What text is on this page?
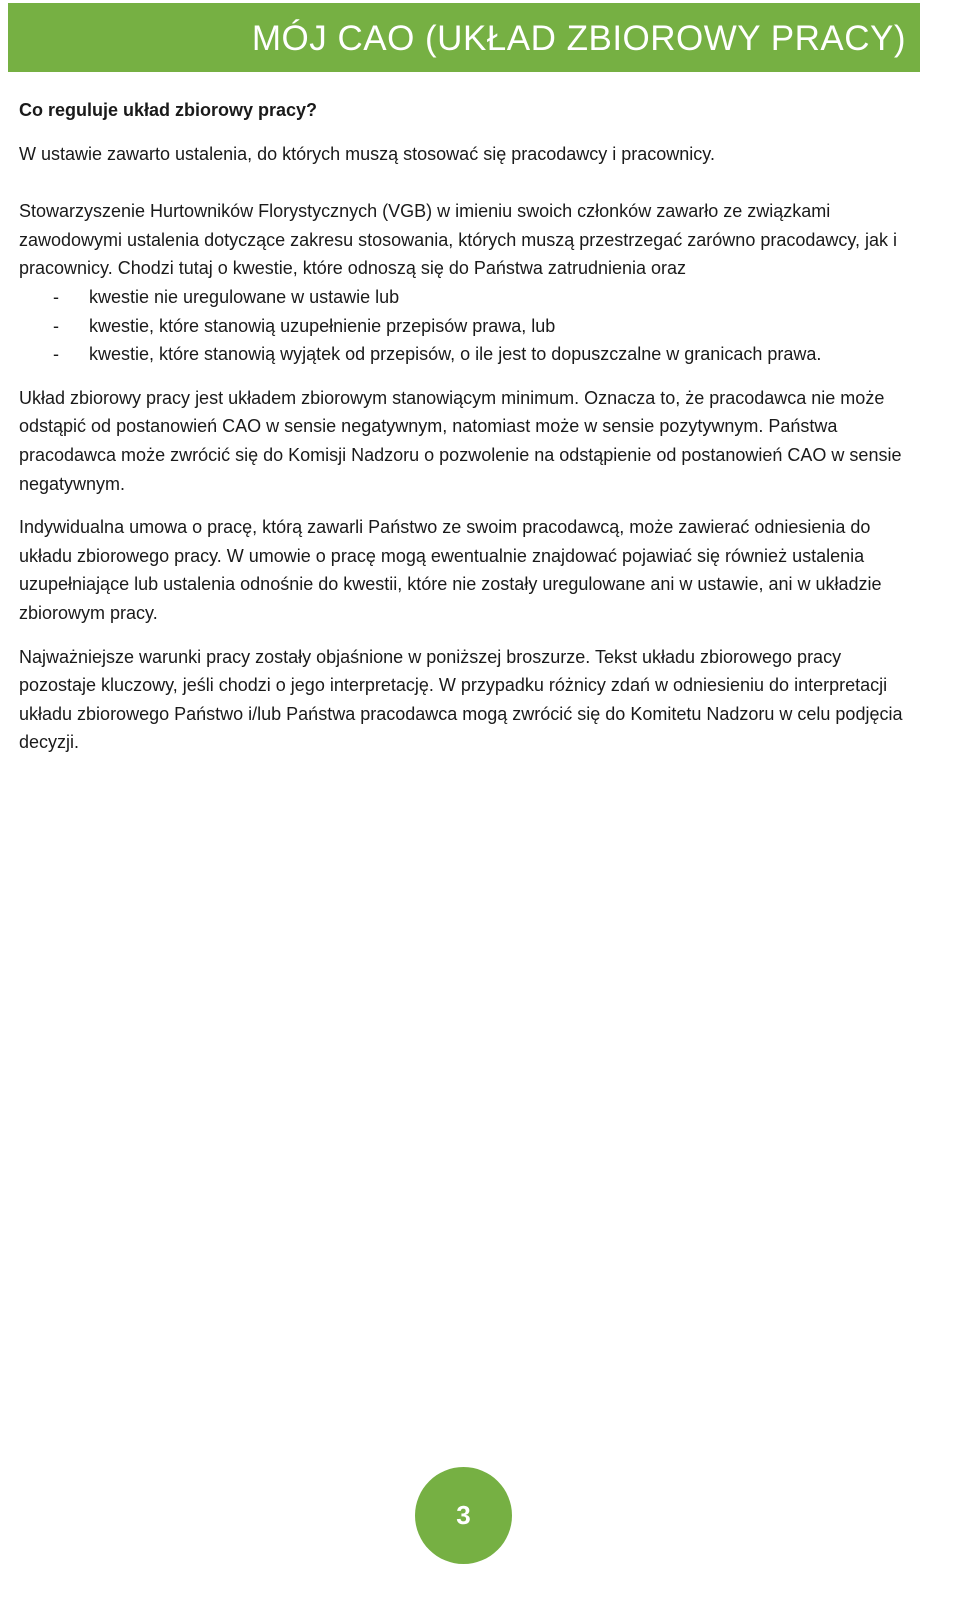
MÓJ CAO (UKŁAD ZBIOROWY PRACY)
Co reguluje układ zbiorowy pracy?
W ustawie zawarto ustalenia, do których muszą stosować się pracodawcy i pracownicy.
Stowarzyszenie Hurtowników Florystycznych (VGB) w imieniu swoich członków zawarło ze związkami zawodowymi ustalenia dotyczące zakresu stosowania, których muszą przestrzegać zarówno pracodawcy, jak i pracownicy. Chodzi tutaj o kwestie, które odnoszą się do Państwa zatrudnienia oraz
- kwestie nie uregulowane w ustawie lub
- kwestie, które stanowią uzupełnienie przepisów prawa, lub
- kwestie, które stanowią wyjątek od przepisów, o ile jest to dopuszczalne w granicach prawa.
Układ zbiorowy pracy jest układem zbiorowym stanowiącym minimum. Oznacza to, że pracodawca nie może odstąpić od postanowień CAO w sensie negatywnym, natomiast może w sensie pozytywnym. Państwa pracodawca może zwrócić się do Komisji Nadzoru o pozwolenie na odstąpienie od postanowień CAO w sensie negatywnym.
Indywidualna umowa o pracę, którą zawarli Państwo ze swoim pracodawcą, może zawierać odniesienia do układu zbiorowego pracy. W umowie o pracę mogą ewentualnie znajdować pojawiać się również ustalenia uzupełniające lub ustalenia odnośnie do kwestii, które nie zostały uregulowane ani w ustawie, ani w układzie zbiorowym pracy.
Najważniejsze warunki pracy zostały objaśnione w poniższej broszurze. Tekst układu zbiorowego pracy pozostaje kluczowy, jeśli chodzi o jego interpretację. W przypadku różnicy zdań w odniesieniu do interpretacji układu zbiorowego Państwo i/lub Państwa pracodawca mogą zwrócić się do Komitetu Nadzoru w celu podjęcia decyzji.
3
